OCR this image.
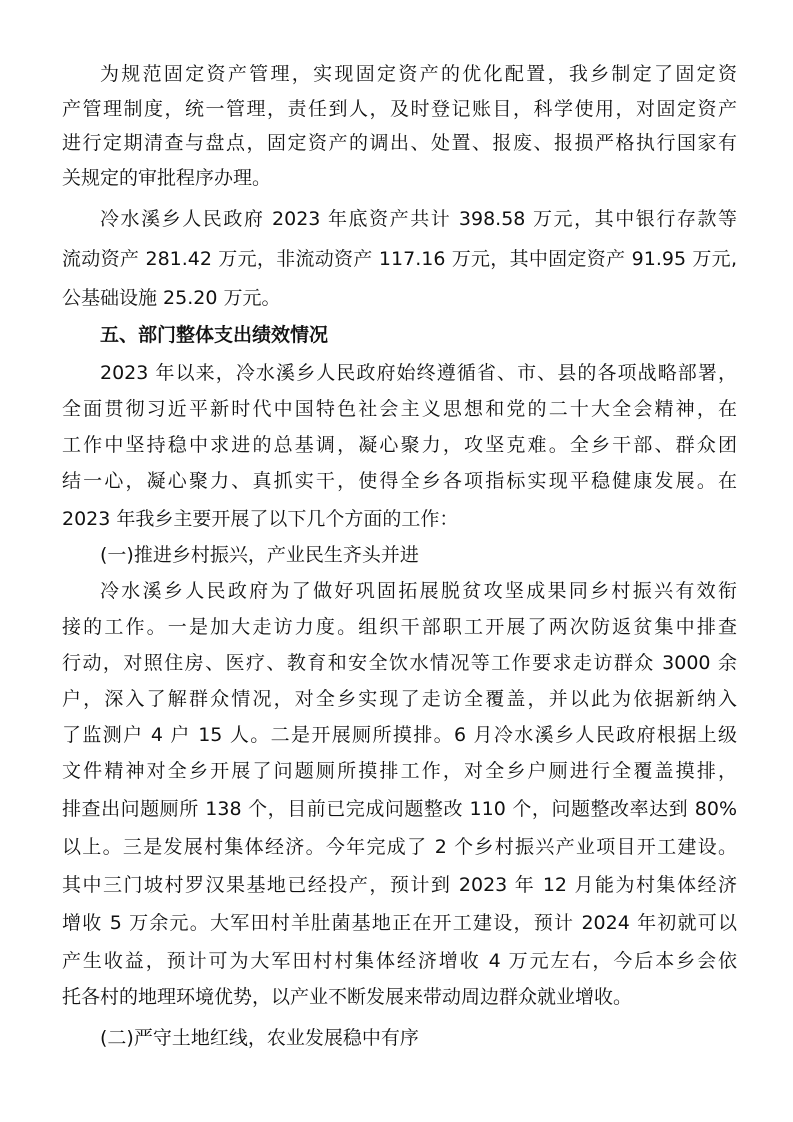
为规范固定资产管理，实现固定资产的优化配置，我乡制定了固定资
产管理制度，统一管理，责任到人，及时登记账目，科学使用，对固定资产
进行定期清查与盘点，固定资产的调出、处置、报废、报损严格执行国家有
关规定的审批程序办理。
冷水溪乡人民政府 2023 年底资产共计 398.58 万元，其中银行存款等
流动资产 281.42 万元，非流动资产 117.16 万元，其中固定资产 91.95 万元,
公基础设施 25.20 万元。
五、部门整体支出绩效情况
2023 年以来，冷水溪乡人民政府始终遵循省、市、县的各项战略部署，
全面贯彻习近平新时代中国特色社会主义思想和党的二十大全会精神，在
工作中坚持稳中求进的总基调，凝心聚力，攻坚克难。全乡干部、群众团
结一心，凝心聚力、真抓实干，使得全乡各项指标实现平稳健康发展。在
2023 年我乡主要开展了以下几个方面的工作：
(一)推进乡村振兴，产业民生齐头并进
冷水溪乡人民政府为了做好巩固拓展脱贫攻坚成果同乡村振兴有效衔
接的工作。一是加大走访力度。组织干部职工开展了两次防返贫集中排查
行动，对照住房、医疗、教育和安全饮水情况等工作要求走访群众 3000 余
户，深入了解群众情况，对全乡实现了走访全覆盖，并以此为依据新纳入
了监测户 4 户 15 人。二是开展厕所摸排。6 月冷水溪乡人民政府根据上级
文件精神对全乡开展了问题厕所摸排工作，对全乡户厕进行全覆盖摸排，
排查出问题厕所 138 个，目前已完成问题整改 110 个，问题整改率达到 80%
以上。三是发展村集体经济。今年完成了 2 个乡村振兴产业项目开工建设。
其中三门坡村罗汉果基地已经投产，预计到 2023 年 12 月能为村集体经济
增收 5 万余元。大军田村羊肚菌基地正在开工建设，预计 2024 年初就可以
产生收益，预计可为大军田村村集体经济增收 4 万元左右，今后本乡会依
托各村的地理环境优势，以产业不断发展来带动周边群众就业增收。
(二)严守土地红线，农业发展稳中有序
